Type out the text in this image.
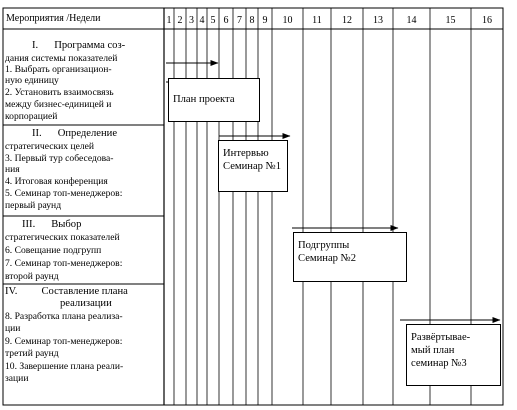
1 2 3 4 5 6 7 8 9 10 11 12 13 14	15	16
Мероприятия /Недели
I. Программа соз-
дания системы показателей
1. Выбрать организацион-
ную единицу
2. Установить взаимосвязь
между бизнес-единицей и
корпорацией
II. Определение
стратегических целей
3. Первый тур собеседова-
ния
4. Итоговая конференция
5. Семинар топ-менеджеров:
первый раунд
III. Выбор
стратегических показателей
6. Совещание подгрупп
7. Семинар топ-менеджеров:
второй раунд
IV. Составление плана
реализации
8. Разработка плана реализа-
ции
9. Семинар топ-менеджеров:
третий раунд
10. Завершение плана реали-
зации
План проекта
Интервью
Семинар №1
Подгруппы
Семинар №2
Развёртывае-
мый план
семинар №3
